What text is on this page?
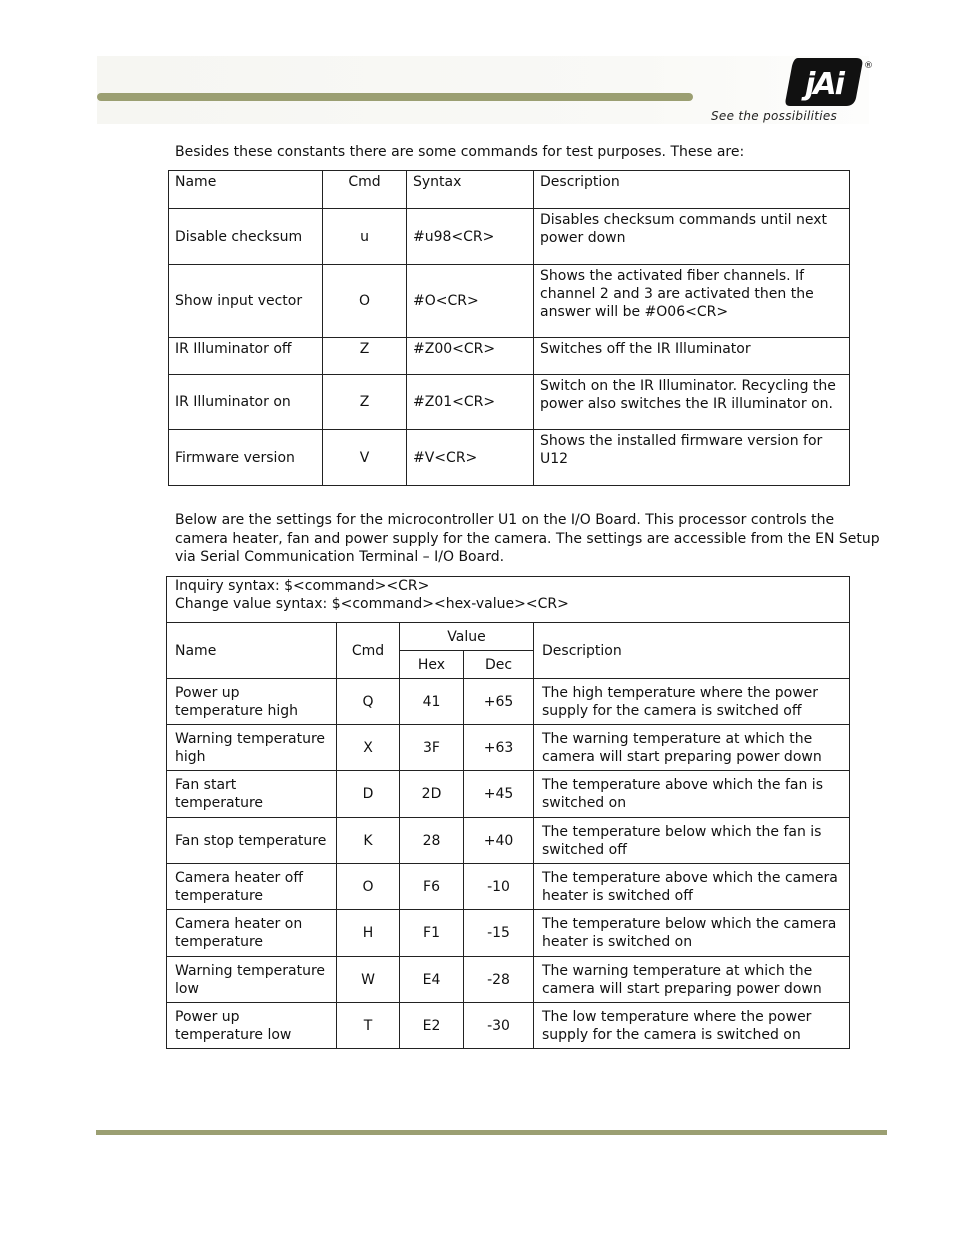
jAi
®
See the possibilities

Besides these constants there are some commands for test purposes. These are:

Name	Cmd	Syntax	Description
Disable checksum	u	#u98<CR>	Disables checksum commands until next power down
Show input vector	O	#O<CR>	Shows the activated fiber channels. If channel 2 and 3 are activated then the answer will be #O06<CR>
IR Illuminator off	Z	#Z00<CR>	Switches off the IR Illuminator
IR Illuminator on	Z	#Z01<CR>	Switch on the IR Illuminator. Recycling the power also switches the IR illuminator on.
Firmware version	V	#V<CR>	Shows the installed firmware version for U12

Below are the settings for the microcontroller U1 on the I/O Board. This processor controls the camera heater, fan and power supply for the camera. The settings are accessible from the EN Setup via Serial Communication Terminal – I/O Board.

Inquiry syntax: $<command><CR>
Change value syntax: $<command><hex-value><CR>				

Name	Cmd	Value		Description
		Hex	Dec	
Power up temperature high	Q	41	+65	The high temperature where the power supply for the camera is switched off
Warning temperature high	X	3F	+63	The warning temperature at which the camera will start preparing power down
Fan start temperature	D	2D	+45	The temperature above which the fan is switched on
Fan stop temperature	K	28	+40	The temperature below which the fan is switched off
Camera heater off temperature	O	F6	-10	The temperature above which the camera heater is switched off
Camera heater on temperature	H	F1	-15	The temperature below which the camera heater is switched on
Warning temperature low	W	E4	-28	The warning temperature at which the camera will start preparing power down
Power up temperature low	T	E2	-30	The low temperature where the power supply for the camera is switched on
